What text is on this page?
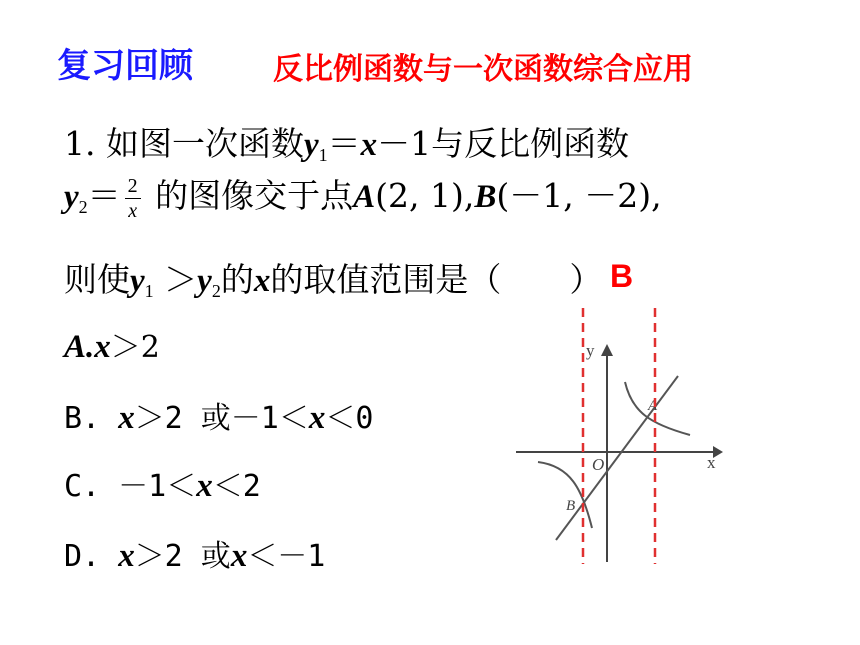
复习回顾	反比例函数与一次函数综合应用
1. 如图一次函数$y_1=x-1$与反比例函数
$y_2= \frac{2}{x}$ 的图像交于点A(2, 1),B(－1, －2),
则使$y_1 >y_2$的x的取值范围是（ ） B
A.x＞2
B. x＞2 或－1＜x＜0
C. －1＜x＜2
D. x＞2 或x＜－1
y
x
O
A
B
